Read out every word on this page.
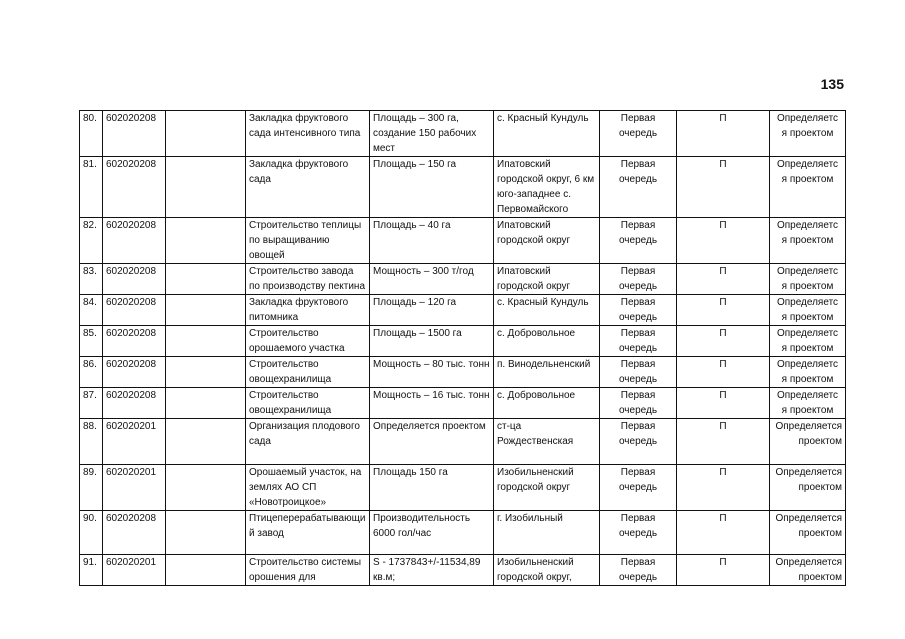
135
80.	602020208		Закладка фруктового сада интенсивного типа	Площадь – 300 га, создание 150 рабочих мест	с. Красный Кундуль	Первая очередь	П	Определяетс я проектом
81.	602020208		Закладка фруктового сада	Площадь – 150 га	Ипатовский городской округ, 6 км юго-западнее с. Первомайского	Первая очередь	П	Определяетс я проектом
82.	602020208		Строительство теплицы по выращиванию овощей	Площадь – 40 га	Ипатовский городской округ	Первая очередь	П	Определяетс я проектом
83.	602020208		Строительство завода по производству пектина	Мощность – 300 т/год	Ипатовский городской округ	Первая очередь	П	Определяетс я проектом
84.	602020208		Закладка фруктового питомника	Площадь – 120 га	с. Красный Кундуль	Первая очередь	П	Определяетс я проектом
85.	602020208		Строительство орошаемого участка	Площадь – 1500 га	с. Добровольное	Первая очередь	П	Определяетс я проектом
86.	602020208		Строительство овощехранилища	Мощность – 80 тыс. тонн	п. Винодельненский	Первая очередь	П	Определяетс я проектом
87.	602020208		Строительство овощехранилища	Мощность – 16 тыс. тонн	с. Добровольное	Первая очередь	П	Определяетс я проектом
88.	602020201		Организация плодового сада	Определяется проектом	ст-ца Рождественская	Первая очередь	П	Определяется проектом
89.	602020201		Орошаемый участок, на землях АО СП «Новотроицкое»	Площадь 150 га	Изобильненский городской округ	Первая очередь	П	Определяется проектом
90.	602020208		Птицеперерабатывающи й завод	Производительность 6000 гол/час	г. Изобильный	Первая очередь	П	Определяется проектом
91.	602020201		Строительство системы орошения для	S - 1737843+/-11534,89 кв.м;	Изобильненский городской округ,	Первая очередь	П	Определяется проектом
